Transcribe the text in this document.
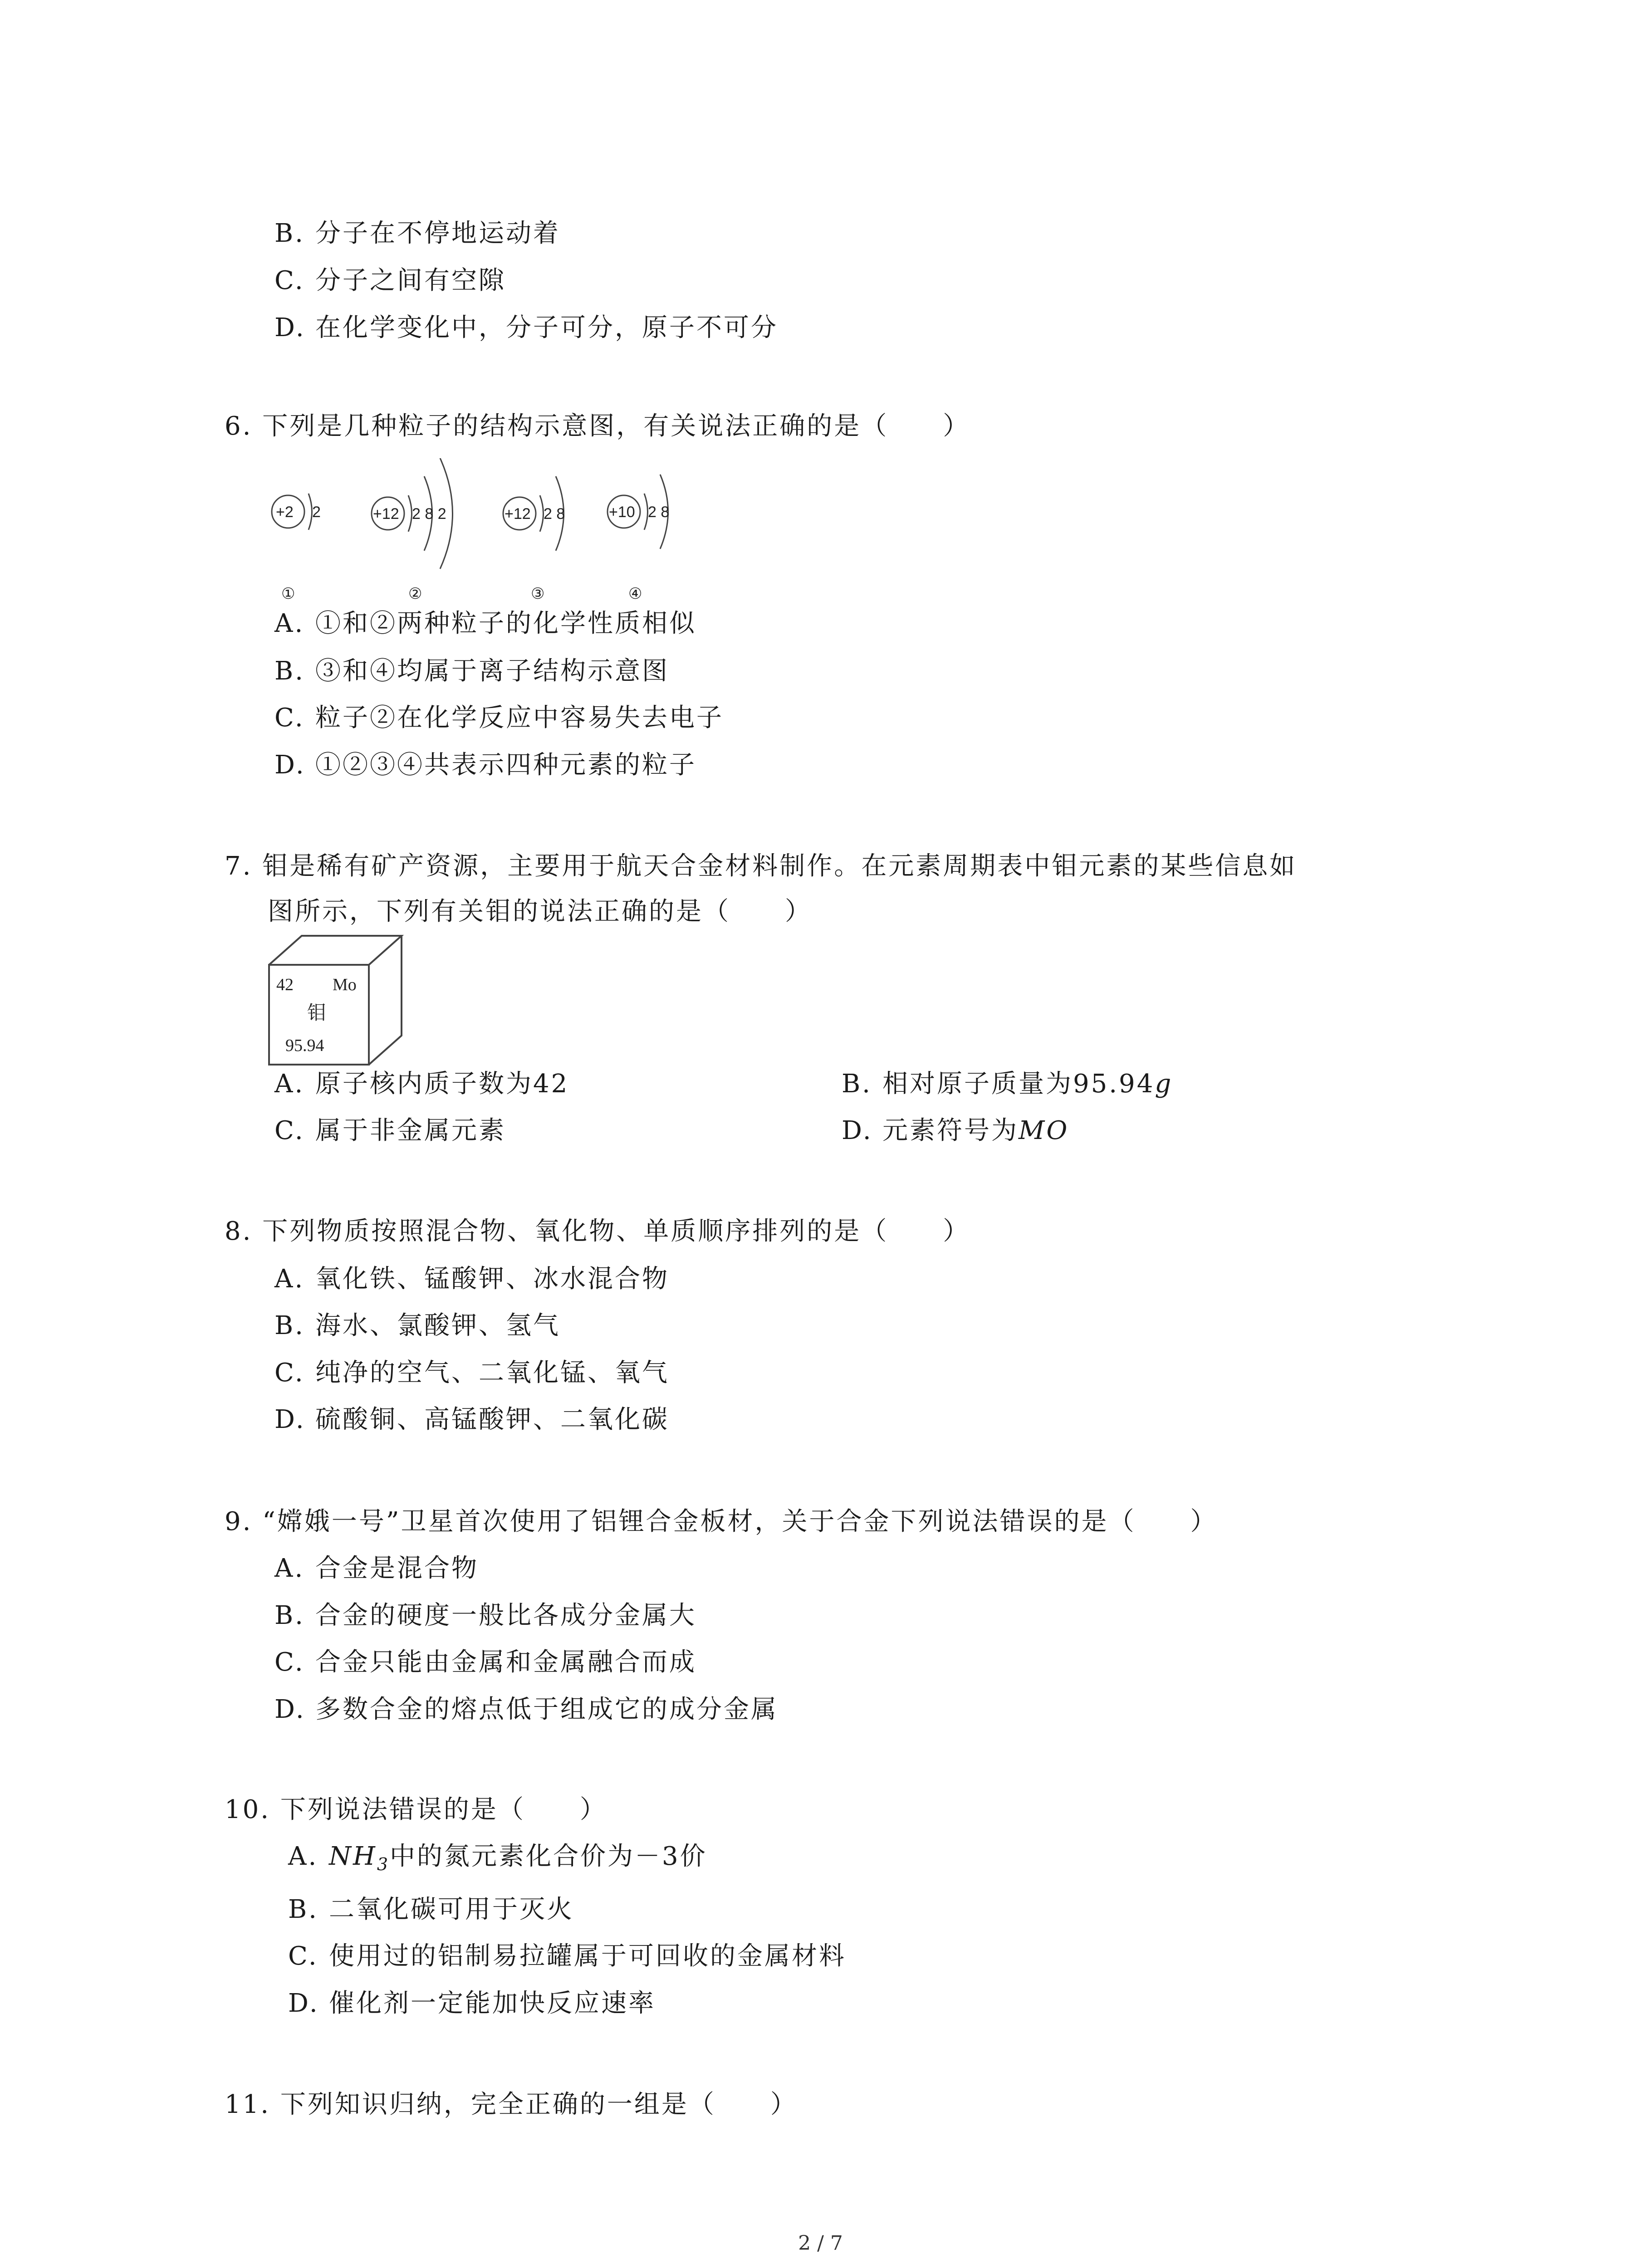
B. 分子在不停地运动着
C. 分子之间有空隙
D. 在化学变化中，分子可分，原子不可分
6. 下列是几种粒子的结构示意图，有关说法正确的是（　　）
+2 2
①
+12 2 8 2
②
+12 2 8
③
+10 2 8
④
A. ①和②两种粒子的化学性质相似
B. ③和④均属于离子结构示意图
C. 粒子②在化学反应中容易失去电子
D. ①②③④共表示四种元素的粒子
7. 钼是稀有矿产资源，主要用于航天合金材料制作。在元素周期表中钼元素的某些信息如
图所示，下列有关钼的说法正确的是（　　）
42 Mo
钼
95.94
A. 原子核内质子数为42	B. 相对原子质量为95.94g
C. 属于非金属元素	D. 元素符号为MO
8. 下列物质按照混合物、氧化物、单质顺序排列的是（　　）
A. 氧化铁、锰酸钾、冰水混合物
B. 海水、氯酸钾、氢气
C. 纯净的空气、二氧化锰、氧气
D. 硫酸铜、高锰酸钾、二氧化碳
9. “嫦娥一号”卫星首次使用了铝锂合金板材，关于合金下列说法错误的是（　　）
A. 合金是混合物
B. 合金的硬度一般比各成分金属大
C. 合金只能由金属和金属融合而成
D. 多数合金的熔点低于组成它的成分金属
10. 下列说法错误的是（　　）
A. $NH_3$中的氮元素化合价为－3价
B. 二氧化碳可用于灭火
C. 使用过的铝制易拉罐属于可回收的金属材料
D. 催化剂一定能加快反应速率
11. 下列知识归纳，完全正确的一组是（　　）
2 / 7
